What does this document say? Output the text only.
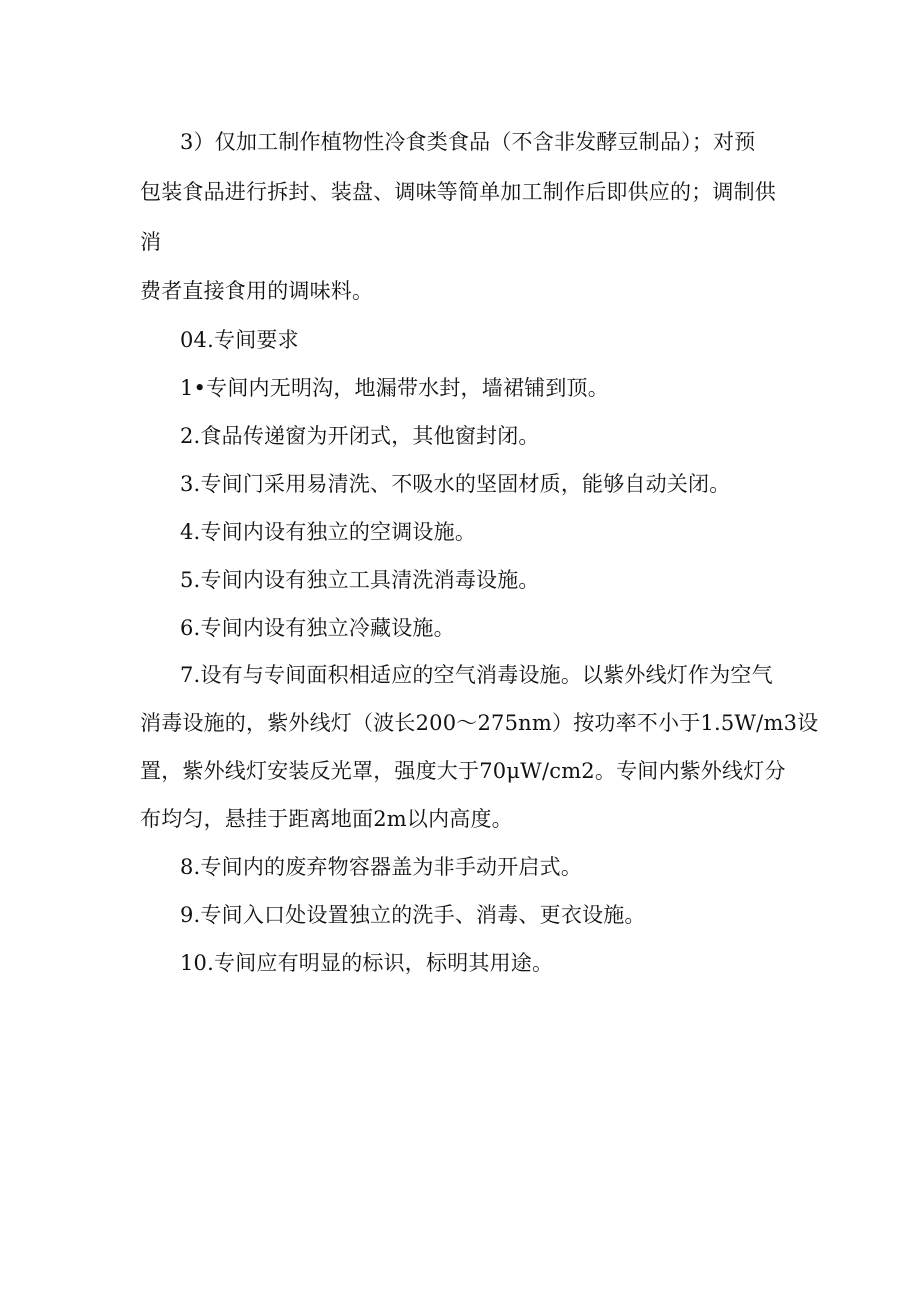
3）仅加工制作植物性冷食类食品（不含非发酵豆制品）；对预
包装食品进行拆封、装盘、调味等简单加工制作后即供应的；调制供
消
费者直接食用的调味料。
04.专间要求
1•专间内无明沟，地漏带水封，墙裙铺到顶。
2.食品传递窗为开闭式，其他窗封闭。
3.专间门采用易清洗、不吸水的坚固材质，能够自动关闭。
4.专间内设有独立的空调设施。
5.专间内设有独立工具清洗消毒设施。
6.专间内设有独立冷藏设施。
7.设有与专间面积相适应的空气消毒设施。以紫外线灯作为空气
消毒设施的，紫外线灯（波长200～275nm）按功率不小于1.5W/m3设
置，紫外线灯安装反光罩，强度大于70μW/cm2。专间内紫外线灯分
布均匀，悬挂于距离地面2m以内高度。
8.专间内的废弃物容器盖为非手动开启式。
9.专间入口处设置独立的洗手、消毒、更衣设施。
10.专间应有明显的标识，标明其用途。
